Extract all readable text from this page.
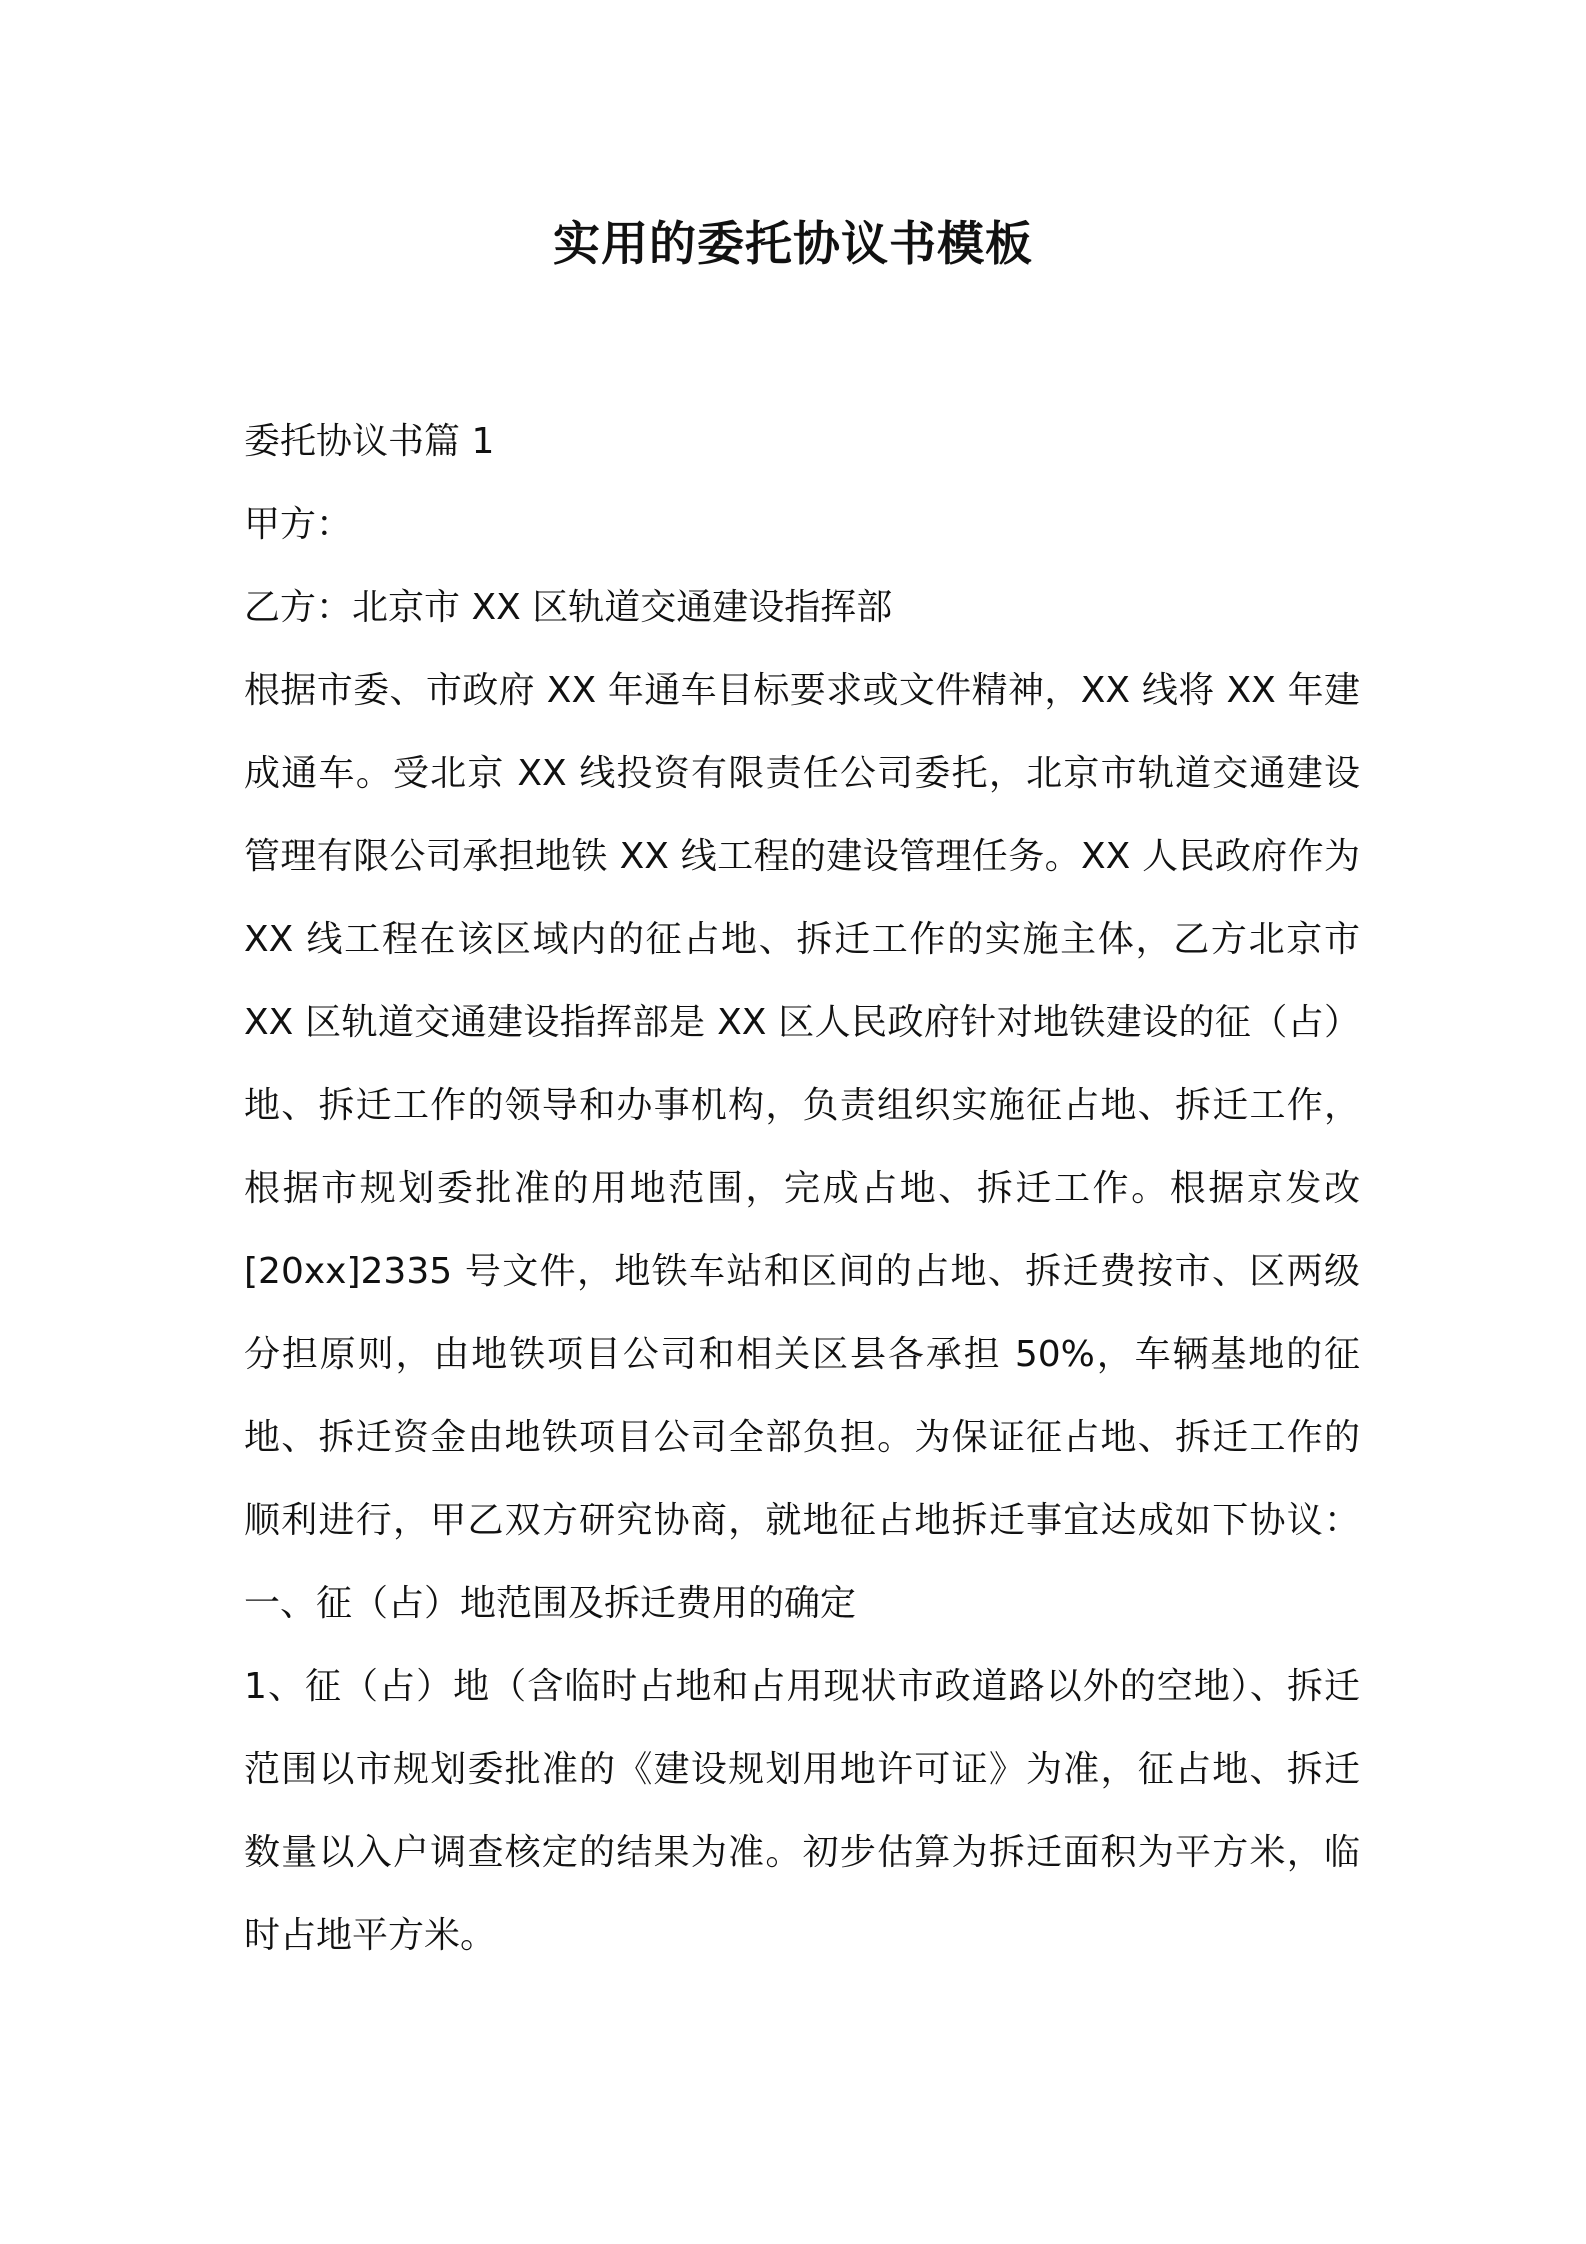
实用的委托协议书模板
委托协议书篇 1
甲方：
乙方：北京市 XX 区轨道交通建设指挥部
根据市委、市政府 XX 年通车目标要求或文件精神，XX 线将 XX 年建
成通车。受北京 XX 线投资有限责任公司委托，北京市轨道交通建设
管理有限公司承担地铁 XX 线工程的建设管理任务。XX 人民政府作为
XX 线工程在该区域内的征占地、拆迁工作的实施主体，乙方北京市
XX 区轨道交通建设指挥部是 XX 区人民政府针对地铁建设的征（占）
地、拆迁工作的领导和办事机构，负责组织实施征占地、拆迁工作，
根据市规划委批准的用地范围，完成占地、拆迁工作。根据京发改
[20xx]2335 号文件，地铁车站和区间的占地、拆迁费按市、区两级
分担原则，由地铁项目公司和相关区县各承担 50%，车辆基地的征
地、拆迁资金由地铁项目公司全部负担。为保证征占地、拆迁工作的
顺利进行，甲乙双方研究协商，就地征占地拆迁事宜达成如下协议：
一、征（占）地范围及拆迁费用的确定
1、征（占）地（含临时占地和占用现状市政道路以外的空地）、拆迁
范围以市规划委批准的《建设规划用地许可证》为准，征占地、拆迁
数量以入户调查核定的结果为准。初步估算为拆迁面积为平方米，临
时占地平方米。
